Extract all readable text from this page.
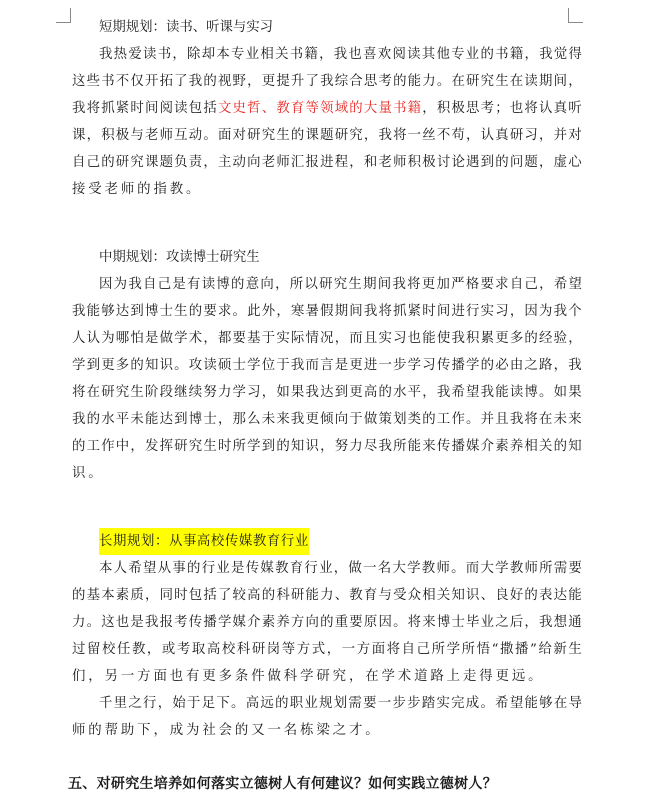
短期规划：读书、听课与实习
我 热 爱 读 书 ， 除 却 本 专 业 相 关 书 籍 ， 我 也 喜 欢 阅 读 其 他 专 业 的 书 籍 ， 我 觉 得
这 些 书 不 仅 开 拓 了 我 的 视 野 ， 更 提 升 了 我 综 合 思 考 的 能 力 。 在 研 究 生 在 读 期 间 ，
我 将 抓 紧 时 间 阅 读 包 括 文 史 哲 、 教 育 等 领 域 的 大 量 书 籍 ， 积 极 思 考 ； 也 将 认 真 听
课 ， 积 极 与 老 师 互 动 。 面 对 研 究 生 的 课 题 研 究 ， 我 将 一 丝 不 苟 ， 认 真 研 习 ， 并 对
自 己 的 研 究 课 题 负 责 ， 主 动 向 老 师 汇 报 进 程 ， 和 老 师 积 极 讨 论 遇 到 的 问 题 ， 虚 心
接受老师的指教。
中期规划：攻读博士研究生
因 为 我 自 己 是 有 读 博 的 意 向 ， 所 以 研 究 生 期 间 我 将 更 加 严 格 要 求 自 己 ， 希 望
我 能 够 达 到 博 士 生 的 要 求 。 此 外 ， 寒 暑 假 期 间 我 将 抓 紧 时 间 进 行 实 习 ， 因 为 我 个
人 认 为 哪 怕 是 做 学 术 ， 都 要 基 于 实 际 情 况 ， 而 且 实 习 也 能 使 我 积 累 更 多 的 经 验 ，
学 到 更 多 的 知 识 。 攻 读 硕 士 学 位 于 我 而 言 是 更 进 一 步 学 习 传 播 学 的 必 由 之 路 ， 我
将 在 研 究 生 阶 段 继 续 努 力 学 习 ， 如 果 我 达 到 更 高 的 水 平 ， 我 希 望 我 能 读 博 。 如 果
我 的 水 平 未 能 达 到 博 士 ， 那 么 未 来 我 更 倾 向 于 做 策 划 类 的 工 作 。 并 且 我 将 在 未 来
的 工 作 中 ， 发 挥 研 究 生 时 所 学 到 的 知 识 ， 努 力 尽 我 所 能 来 传 播 媒 介 素 养 相 关 的 知
识。
长期规划：从事高校传媒教育行业
本 人 希 望 从 事 的 行 业 是 传 媒 教 育 行 业 ， 做 一 名 大 学 教 师 。 而 大 学 教 师 所 需 要
的 基 本 素 质 ， 同 时 包 括 了 较 高 的 科 研 能 力 、 教 育 与 受 众 相 关 知 识 、 良 好 的 表 达 能
力 。 这 也 是 我 报 考 传 播 学 媒 介 素 养 方 向 的 重 要 原 因 。 将 来 博 士 毕 业 之 后 ， 我 想 通
过 留 校 任 教 ， 或 考 取 高 校 科 研 岗 等 方 式 ， 一 方 面 将 自 己 所 学 所 悟 “ 撒 播 ” 给 新 生
们，另一方面也有更多条件做科学研究，在学术道路上走得更远。
千 里 之 行 ， 始 于 足 下 。 高 远 的 职 业 规 划 需 要 一 步 步 踏 实 完 成 。 希 望 能 够 在 导
师的帮助下，成为社会的又一名栋梁之才。
五、对研究生培养如何落实立德树人有何建议？如何实践立德树人？
